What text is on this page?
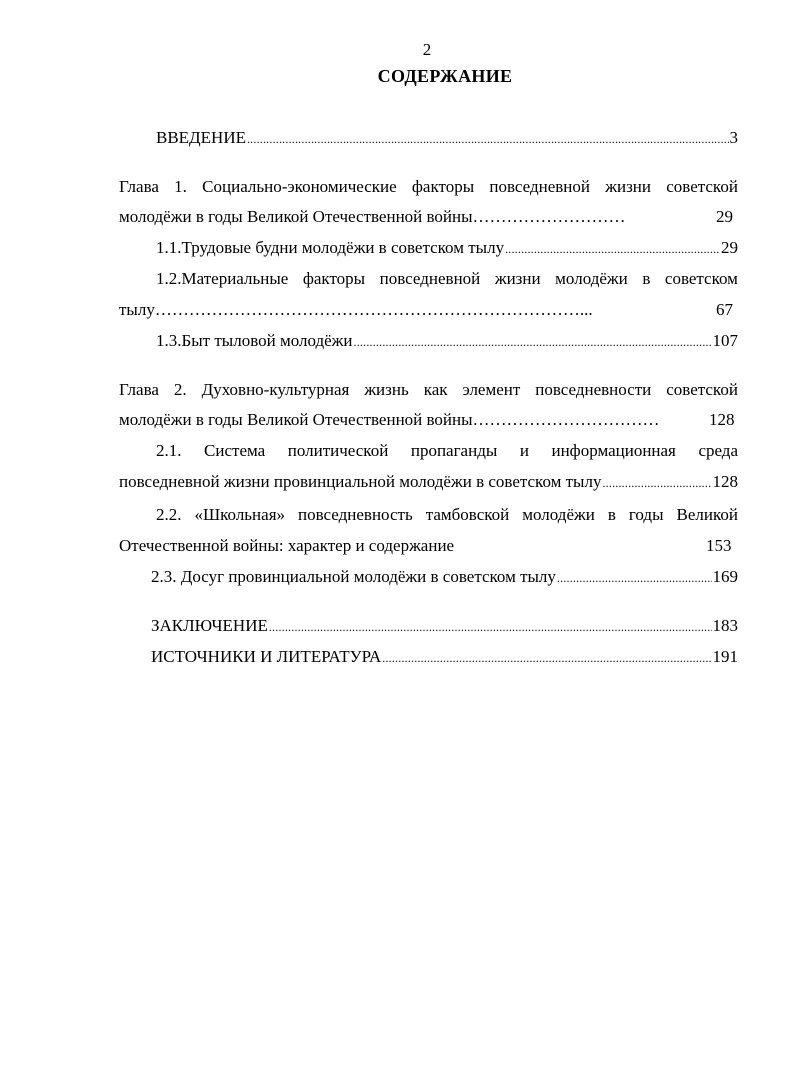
2
СОДЕРЖАНИЕ
ВВЕДЕНИЕ .....	3
Глава 1. Социально-экономические факторы повседневной жизни советской
молодёжи в годы Великой Отечественной войны………………………	29
1.1.Трудовые будни молодёжи в советском тылу .....	29
1.2.Материальные факторы повседневной жизни молодёжи в советском
тылу…………………………………………………………………...	67
1.3.Быт тыловой молодёжи .....	107
Глава 2. Духовно-культурная жизнь как элемент повседневности советской
молодёжи в годы Великой Отечественной войны……………………………	128
2.1. Система политической пропаганды и информационная среда
повседневной жизни провинциальной молодёжи в советском тылу .....	128
2.2. «Школьная» повседневность тамбовской молодёжи в годы Великой
Отечественной войны: характер и содержание	153
2.3. Досуг провинциальной молодёжи в советском тылу .....	169
ЗАКЛЮЧЕНИЕ .....	183
ИСТОЧНИКИ И ЛИТЕРАТУРА .....	191
